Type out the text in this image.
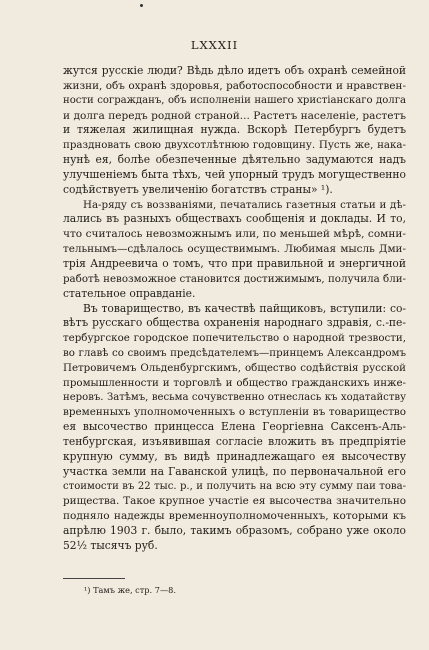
LXXXII
жутся русскіе люди? Вѣдь дѣло идетъ объ охранѣ семейной
жизни, объ охранѣ здоровья, работоспособности и нравствен-
ности согражданъ, объ исполненіи нашего христіанскаго долга
и долга передъ родной страной... Растетъ населеніе, растетъ
и тяжелая жилищная нужда. Вскорѣ Петербургъ будетъ
праздновать свою двухсотлѣтнюю годовщину. Пусть же, нака-
нунѣ ея, болѣе обезпеченные дѣятельно задумаются надъ
улучшеніемъ быта тѣхъ, чей упорный трудъ могущественно
содѣйствуетъ увеличенію богатствъ страны» ¹).
На-ряду съ воззваніями, печатались газетныя статьи и дѣ-
лались въ разныхъ обществахъ сообщенія и доклады. И то,
что считалось невозможнымъ или, по меньшей мѣрѣ, сомни-
тельнымъ—сдѣлалось осуществимымъ. Любимая мысль Дми-
трія Андреевича о томъ, что при правильной и энергичной
работѣ невозможное становится достижимымъ, получила бли-
стательное оправданіе.
Въ товарищество, въ качествѣ пайщиковъ, вступили: со-
вѣтъ русскаго общества охраненія народнаго здравія, с.-пе-
тербургское городское попечительство о народной трезвости,
во главѣ со своимъ предсѣдателемъ—принцемъ Александромъ
Петровичемъ Ольденбургскимъ, общество содѣйствія русской
промышленности и торговлѣ и общество гражданскихъ инже-
неровъ. Затѣмъ, весьма сочувственно отнеслась къ ходатайству
временныхъ уполномоченныхъ о вступленіи въ товарищество
ея высочество принцесса Елена Георгіевна Саксенъ-Аль-
тенбургская, изъявившая согласіе вложить въ предпріятіе
крупную сумму, въ видѣ принадлежащаго ея высочеству
участка земли на Гаванской улицѣ, по первоначальной его
стоимости въ 22 тыс. р., и получить на всю эту сумму паи това-
рищества. Такое крупное участіе ея высочества значительно
подняло надежды временноуполномоченныхъ, которыми къ
апрѣлю 1903 г. было, такимъ образомъ, собрано уже около
52½ тысячъ руб.
¹) Тамъ же, стр. 7—8.
